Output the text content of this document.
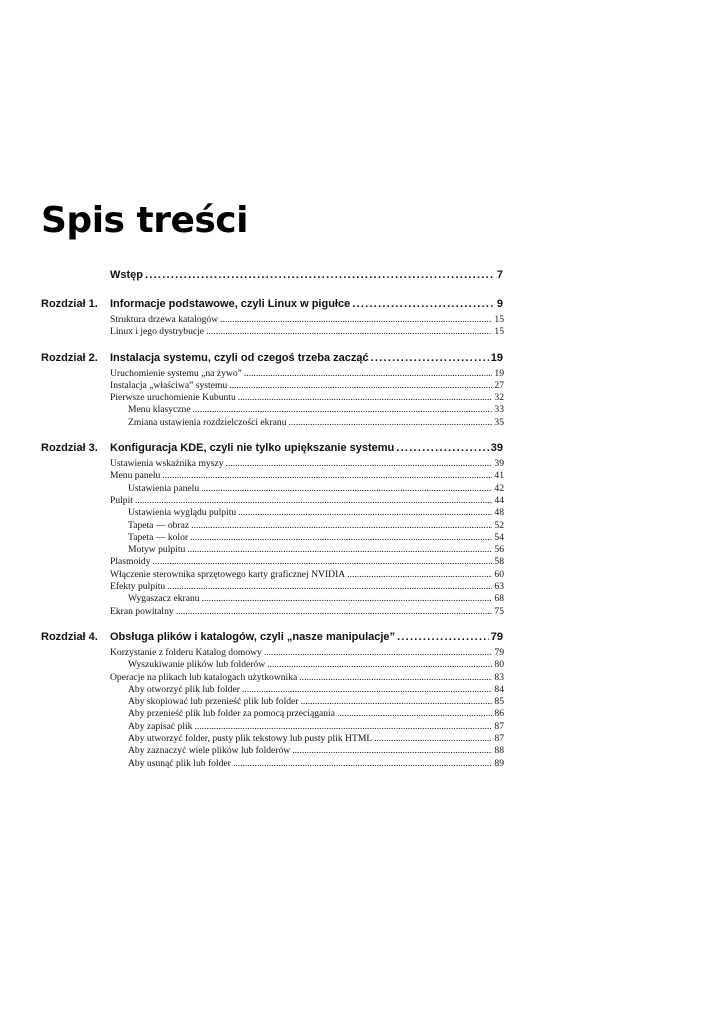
Spis treści
Wstęp . . .	7
Rozdział 1. Informacje podstawowe, czyli Linux w pigułce . . .	9
Struktura drzewa katalogów . . .	15
Linux i jego dystrybucje . . .	15
Rozdział 2. Instalacja systemu, czyli od czegoś trzeba zacząć . . .	19
Uruchomienie systemu „na żywo” . . .	19
Instalacja „właściwa” systemu . . .	27
Pierwsze uruchomienie Kubuntu . . .	32
Menu klasyczne . . .	33
Zmiana ustawienia rozdzielczości ekranu . . .	35
Rozdział 3. Konfiguracja KDE, czyli nie tylko upiększanie systemu . . .	39
Ustawienia wskaźnika myszy . . .	39
Menu panelu . . .	41
Ustawienia panelu . . .	42
Pulpit . . .	44
Ustawienia wyglądu pulpitu . . .	48
Tapeta — obraz . . .	52
Tapeta — kolor . . .	54
Motyw pulpitu . . .	56
Plasmoidy . . .	58
Włączenie sterownika sprzętowego karty graficznej NVIDIA . . .	60
Efekty pulpitu . . .	63
Wygaszacz ekranu . . .	68
Ekran powitalny . . .	75
Rozdział 4. Obsługa plików i katalogów, czyli „nasze manipulacje” . . .	79
Korzystanie z folderu Katalog domowy . . .	79
Wyszukiwanie plików lub folderów . . .	80
Operacje na plikach lub katalogach użytkownika . . .	83
Aby otworzyć plik lub folder . . .	84
Aby skopiować lub przenieść plik lub folder . . .	85
Aby przenieść plik lub folder za pomocą przeciągania . . .	86
Aby zapisać plik . . .	87
Aby utworzyć folder, pusty plik tekstowy lub pusty plik HTML . . .	87
Aby zaznaczyć wiele plików lub folderów . . .	88
Aby usunąć plik lub folder . . .	89
